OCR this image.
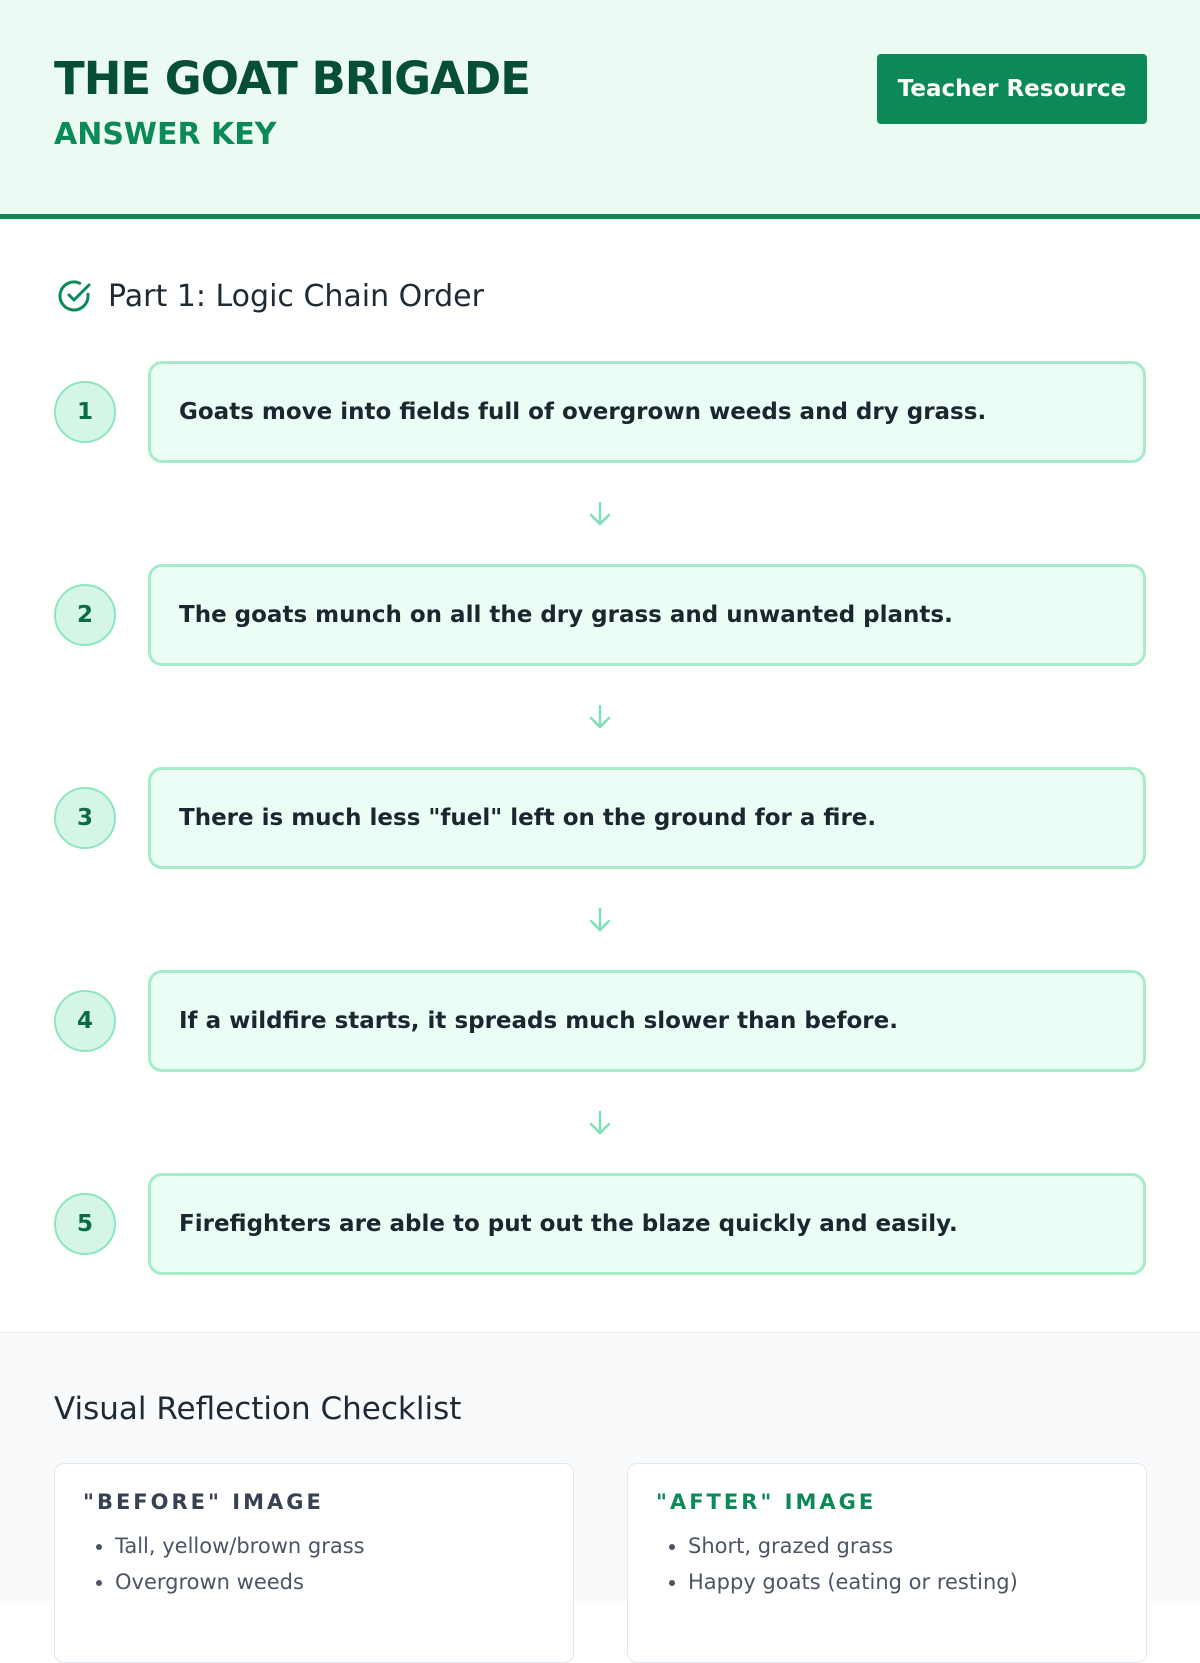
THE GOAT BRIGADE
ANSWER KEY
Teacher Resource
Part 1: Logic Chain Order
1	Goats move into fields full of overgrown weeds and dry grass.
2	The goats munch on all the dry grass and unwanted plants.
3	There is much less "fuel" left on the ground for a fire.
4	If a wildfire starts, it spreads much slower than before.
5	Firefighters are able to put out the blaze quickly and easily.
Visual Reflection Checklist
"BEFORE" IMAGE
• Tall, yellow/brown grass
• Overgrown weeds
"AFTER" IMAGE
• Short, grazed grass
• Happy goats (eating or resting)
